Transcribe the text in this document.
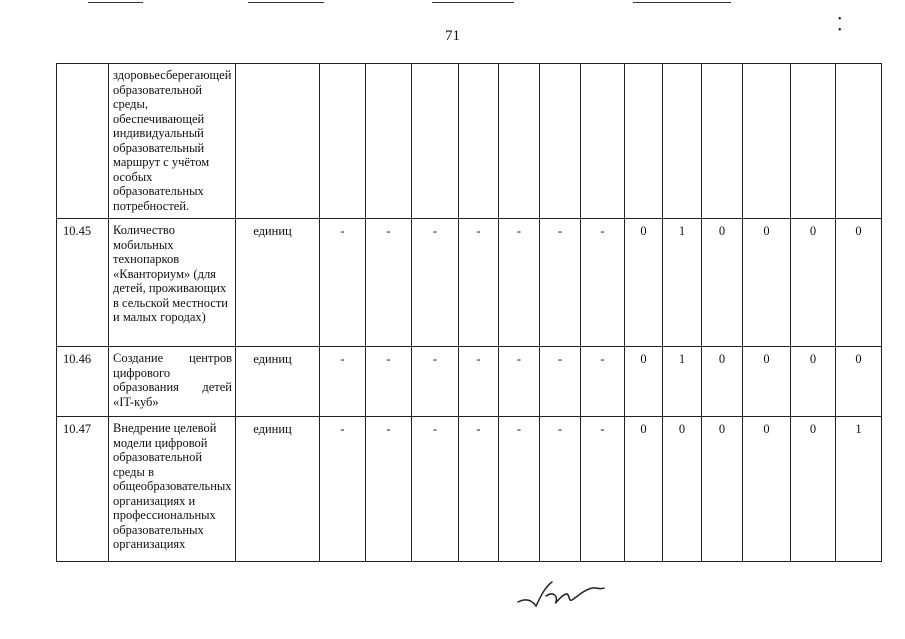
71
• •
	здоровьесберегающей образовательной среды, обеспечивающей индивидуальный образовательный маршрут с учётом особых образовательных потребностей.														
10.45	Количество мобильных технопарков «Кванториум» (для детей, проживающих в сельской местности и малых городах)	единиц	-	-	-	-	-	-	-	0	1	0	0	0	0
10.46	Создание центров цифрового образования детей «IT-куб»	единиц	-	-	-	-	-	-	-	0	1	0	0	0	0
10.47	Внедрение целевой модели цифровой образовательной среды в общеобразовательных организациях и профессиональных образовательных организациях	единиц	-	-	-	-	-	-	-	0	0	0	0	0	1
